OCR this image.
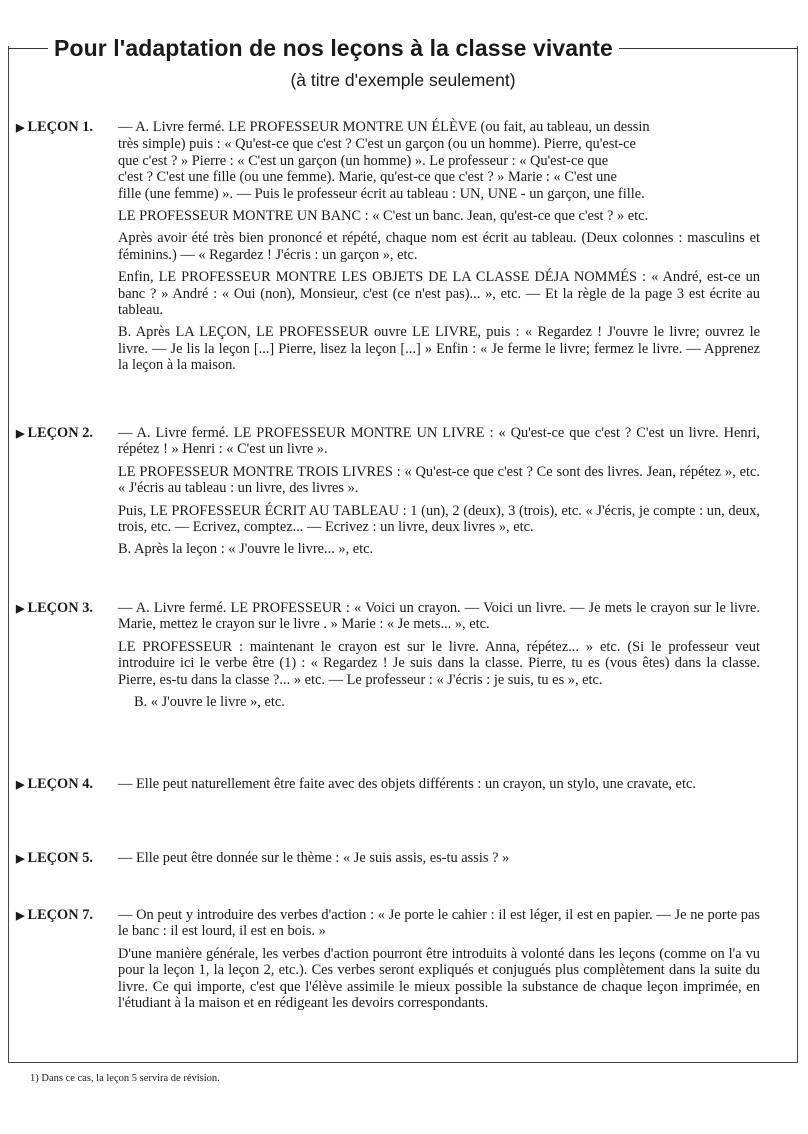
Pour l'adaptation de nos leçons à la classe vivante
(à titre d'exemple seulement)
▶ LEÇON 1.	— A. Livre fermé. LE PROFESSEUR MONTRE UN ÉLÈVE (ou fait, au tableau, un dessin

très simple) puis : « Qu'est-ce que c'est ? C'est un garçon (ou un homme). Pierre, qu'est-ce
que c'est ? » Pierre : « C'est un garçon (un homme) ». Le professeur : « Qu'est-ce que
c'est ? C'est une fille (ou une femme). Marie, qu'est-ce que c'est ? » Marie : « C'est une
fille (une femme) ». — Puis le professeur écrit au tableau : UN, UNE - un garçon, une fille.

LE PROFESSEUR MONTRE UN BANC : « C'est un banc. Jean, qu'est-ce que c'est ? » etc.

Après avoir été très bien prononcé et répété, chaque nom est écrit au tableau. (Deux colonnes : masculins et féminins.) — « Regardez ! J'écris : un garçon », etc.

Enfin, LE PROFESSEUR MONTRE LES OBJETS DE LA CLASSE DÉJA NOMMÉS : « André, est-ce un banc ? » André : « Oui (non), Monsieur, c'est (ce n'est pas)... », etc. — Et la règle de la page 3 est écrite au tableau.

B. Après LA LEÇON, LE PROFESSEUR ouvre LE LIVRE, puis : « Regardez ! J'ouvre le livre; ouvrez le livre. — Je lis la leçon [...] Pierre, lisez la leçon [...] » Enfin : « Je ferme le livre; fermez le livre. — Apprenez la leçon à la maison.

▶ LEÇON 2.	— A. Livre fermé. LE PROFESSEUR MONTRE UN LIVRE : « Qu'est-ce que c'est ? C'est un livre. Henri, répétez ! » Henri : « C'est un livre ».

LE PROFESSEUR MONTRE TROIS LIVRES : « Qu'est-ce que c'est ? Ce sont des livres. Jean, répétez », etc. « J'écris au tableau : un livre, des livres ».

Puis, LE PROFESSEUR ÉCRIT AU TABLEAU : 1 (un), 2 (deux), 3 (trois), etc. « J'écris, je compte : un, deux, trois, etc. — Ecrivez, comptez... — Ecrivez : un livre, deux livres », etc.

B. Après la leçon : « J'ouvre le livre... », etc.

▶ LEÇON 3.	— A. Livre fermé. LE PROFESSEUR : « Voici un crayon. — Voici un livre. — Je mets le crayon sur le livre. Marie, mettez le crayon sur le livre . » Marie : « Je mets... », etc.

LE PROFESSEUR : maintenant le crayon est sur le livre. Anna, répétez... » etc. (Si le professeur veut introduire ici le verbe être (1) : « Regardez ! Je suis dans la classe. Pierre, tu es (vous êtes) dans la classe. Pierre, es-tu dans la classe ?... » etc. — Le professeur : « J'écris : je suis, tu es », etc.

B. « J'ouvre le livre », etc.

▶ LEÇON 4.	— Elle peut naturellement être faite avec des objets différents : un crayon, un stylo, une cravate, etc.
▶ LEÇON 5.	— Elle peut être donnée sur le thème : « Je suis assis, es-tu assis ? »
▶ LEÇON 7.	— On peut y introduire des verbes d'action : « Je porte le cahier : il est léger, il est en papier. — Je ne porte pas le banc : il est lourd, il est en bois. »

D'une manière générale, les verbes d'action pourront être introduits à volonté dans les leçons (comme on l'a vu pour la leçon 1, la leçon 2, etc.). Ces verbes seront expliqués et conjugués plus complètement dans la suite du livre. Ce qui importe, c'est que l'élève assimile le mieux possible la substance de chaque leçon imprimée, en l'étudiant à la maison et en rédigeant les devoirs correspondants.

1) Dans ce cas, la leçon 5 servira de révision.
